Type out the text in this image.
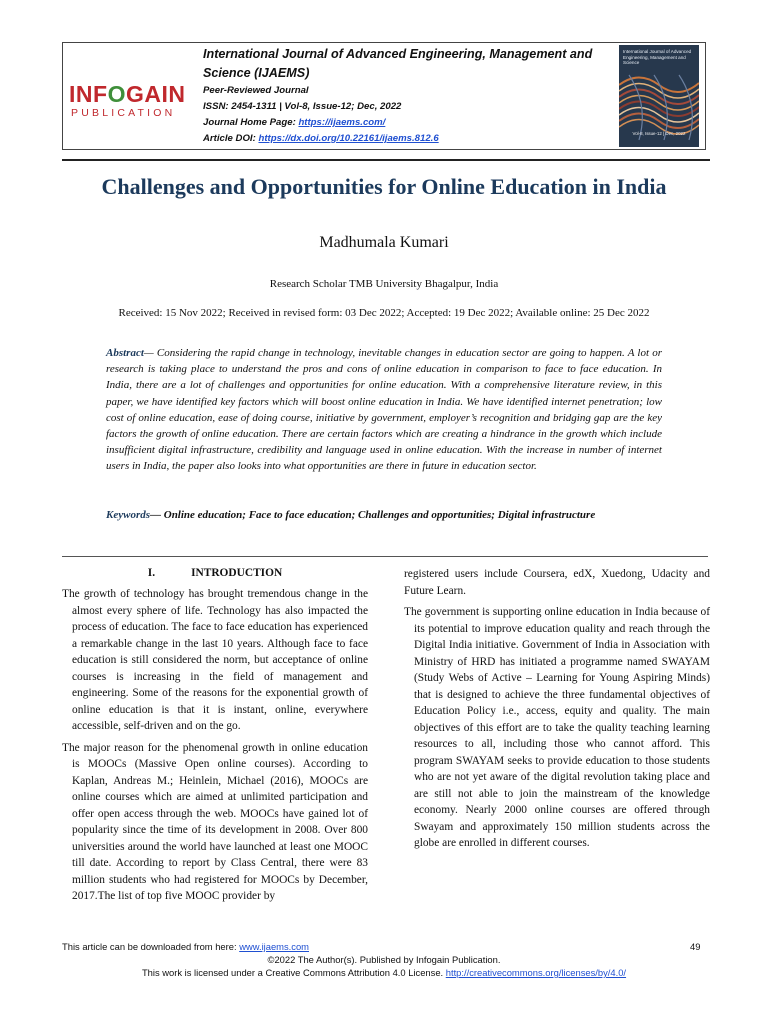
INFOGAIN
PUBLICATION
International Journal of Advanced Engineering, Management and Science (IJAEMS)
Peer-Reviewed Journal
ISSN: 2454-1311 | Vol-8, Issue-12; Dec, 2022
Journal Home Page: https://ijaems.com/
Article DOI: https://dx.doi.org/10.22161/ijaems.812.6
International Journal of Advanced Engineering, Management and Science
Vol-8, Issue-12 | Dec, 2022
Challenges and Opportunities for Online Education in India
Madhumala Kumari
Research Scholar TMB University Bhagalpur, India
Received: 15 Nov 2022; Received in revised form: 03 Dec 2022; Accepted: 19 Dec 2022; Available online: 25 Dec 2022

Abstract— Considering the rapid change in technology, inevitable changes in education sector are going to happen. A lot or research is taking place to understand the pros and cons of online education in comparison to face to face education. In India, there are a lot of challenges and opportunities for online education. With a comprehensive literature review, in this paper, we have identified key factors which will boost online education in India. We have identified internet penetration; low cost of online education, ease of doing course, initiative by government, employer’s recognition and bridging gap are the key factors the growth of online education. There are certain factors which are creating a hindrance in the growth which include insufficient digital infrastructure, credibility and language used in online education. With the increase in number of internet users in India, the paper also looks into what opportunities are there in future in education sector.

Keywords— Online education; Face to face education; Challenges and opportunities; Digital infrastructure

I.	INTRODUCTION

The growth of technology has brought tremendous change in the almost every sphere of life. Technology has also impacted the process of education. The face to face education has experienced a remarkable change in the last 10 years. Although face to face education is still considered the norm, but acceptance of online courses is increasing in the field of management and engineering. Some of the reasons for the exponential growth of online education is that it is instant, online, everywhere accessible, self-driven and on the go.

The major reason for the phenomenal growth in online education is MOOCs (Massive Open online courses). According to Kaplan, Andreas M.; Heinlein, Michael (2016), MOOCs are online courses which are aimed at unlimited participation and offer open access through the web. MOOCs have gained lot of popularity since the time of its development in 2008. Over 800 universities around the world have launched at least one MOOC till date. According to report by Class Central, there were 83 million students who had registered for MOOCs by December, 2017.The list of top five MOOC provider by

registered users include Coursera, edX, Xuedong, Udacity and Future Learn.

The government is supporting online education in India because of its potential to improve education quality and reach through the Digital India initiative. Government of India in Association with Ministry of HRD has initiated a programme named SWAYAM (Study Webs of Active – Learning for Young Aspiring Minds) that is designed to achieve the three fundamental objectives of Education Policy i.e., access, equity and quality. The main objectives of this effort are to take the quality teaching learning resources to all, including those who cannot afford. This program SWAYAM seeks to provide education to those students who are not yet aware of the digital revolution taking place and are still not able to join the mainstream of the knowledge economy. Nearly 2000 online courses are offered through Swayam and approximately 150 million students across the globe are enrolled in different courses.

This article can be downloaded from here: www.ijaems.com	49
©2022 The Author(s). Published by Infogain Publication.
This work is licensed under a Creative Commons Attribution 4.0 License. http://creativecommons.org/licenses/by/4.0/
